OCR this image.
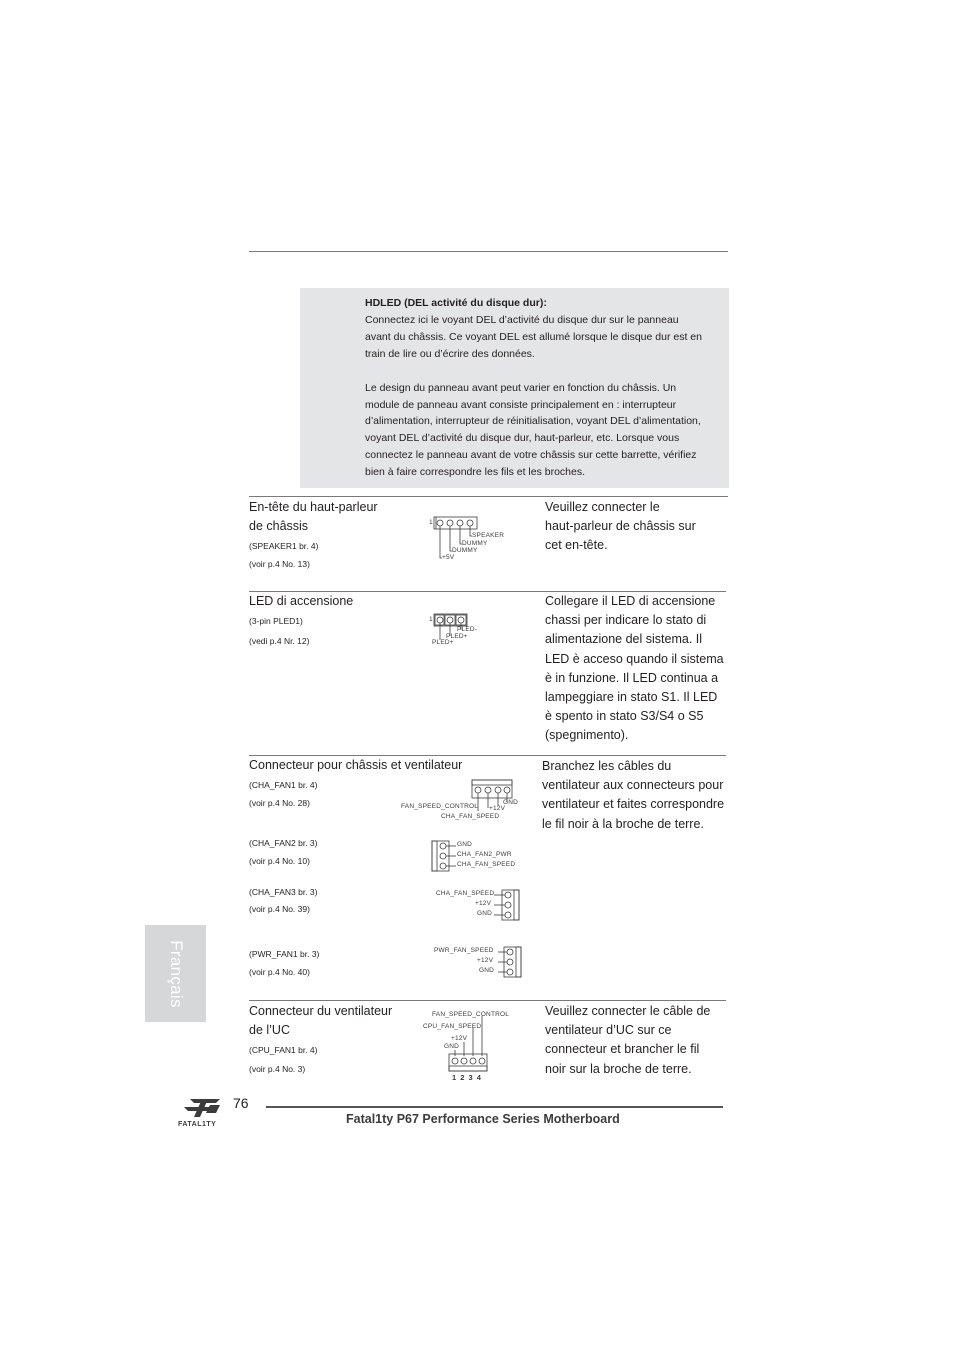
HDLED (DEL activité du disque dur):

Connectez ici le voyant DEL d’activité du disque dur sur le panneau

avant du châssis. Ce voyant DEL est allumé lorsque le disque dur est en

train de lire ou d’écrire des données.

Le design du panneau avant peut varier en fonction du châssis. Un

module de panneau avant consiste principalement en : interrupteur

d’alimentation, interrupteur de réinitialisation, voyant DEL d’alimentation,

voyant DEL d’activité du disque dur, haut-parleur, etc. Lorsque vous

connectez le panneau avant de votre châssis sur cette barrette, vérifiez

bien à faire correspondre les fils et les broches.

En-tête du haut-parleur
de châssis
(SPEAKER1 br. 4)
(voir p.4 No. 13)
1
SPEAKER
DUMMY
DUMMY
+5V
Veuillez connecter le
haut-parleur de châssis sur
cet en-tête.
LED di accensione
(3-pin PLED1)
(vedi p.4 Nr. 12)
1
PLED-
PLED+
PLED+
Collegare il LED di accensione
chassi per indicare lo stato di
alimentazione del sistema. Il
LED è acceso quando il sistema
è in funzione. Il LED continua a
lampeggiare in stato S1. Il LED
è spento in stato S3/S4 o S5
(spegnimento).
Connecteur pour châssis et ventilateur
(CHA_FAN1 br. 4)
(voir p.4 No. 28)
(CHA_FAN2 br. 3)
(voir p.4 No. 10)
(CHA_FAN3 br. 3)
(voir p.4 No. 39)
(PWR_FAN1 br. 3)
(voir p.4 No. 40)
GND
+12V
FAN_SPEED_CONTROL
CHA_FAN_SPEED
GND
CHA_FAN2_PWR
CHA_FAN_SPEED
CHA_FAN_SPEED
+12V
GND
PWR_FAN_SPEED
+12V
GND
Branchez les câbles du
ventilateur aux connecteurs pour
ventilateur et faites correspondre
le fil noir à la broche de terre.
Connecteur du ventilateur
de l’UC
(CPU_FAN1 br. 4)
(voir p.4 No. 3)
FAN_SPEED_CONTROL
CPU_FAN_SPEED
+12V
GND
1 2 3 4
Veuillez connecter le câble de
ventilateur d’UC sur ce
connecteur et brancher le fil
noir sur la broche de terre.
Français
FATAL1TY
76
Fatal1ty P67 Performance Series Motherboard
